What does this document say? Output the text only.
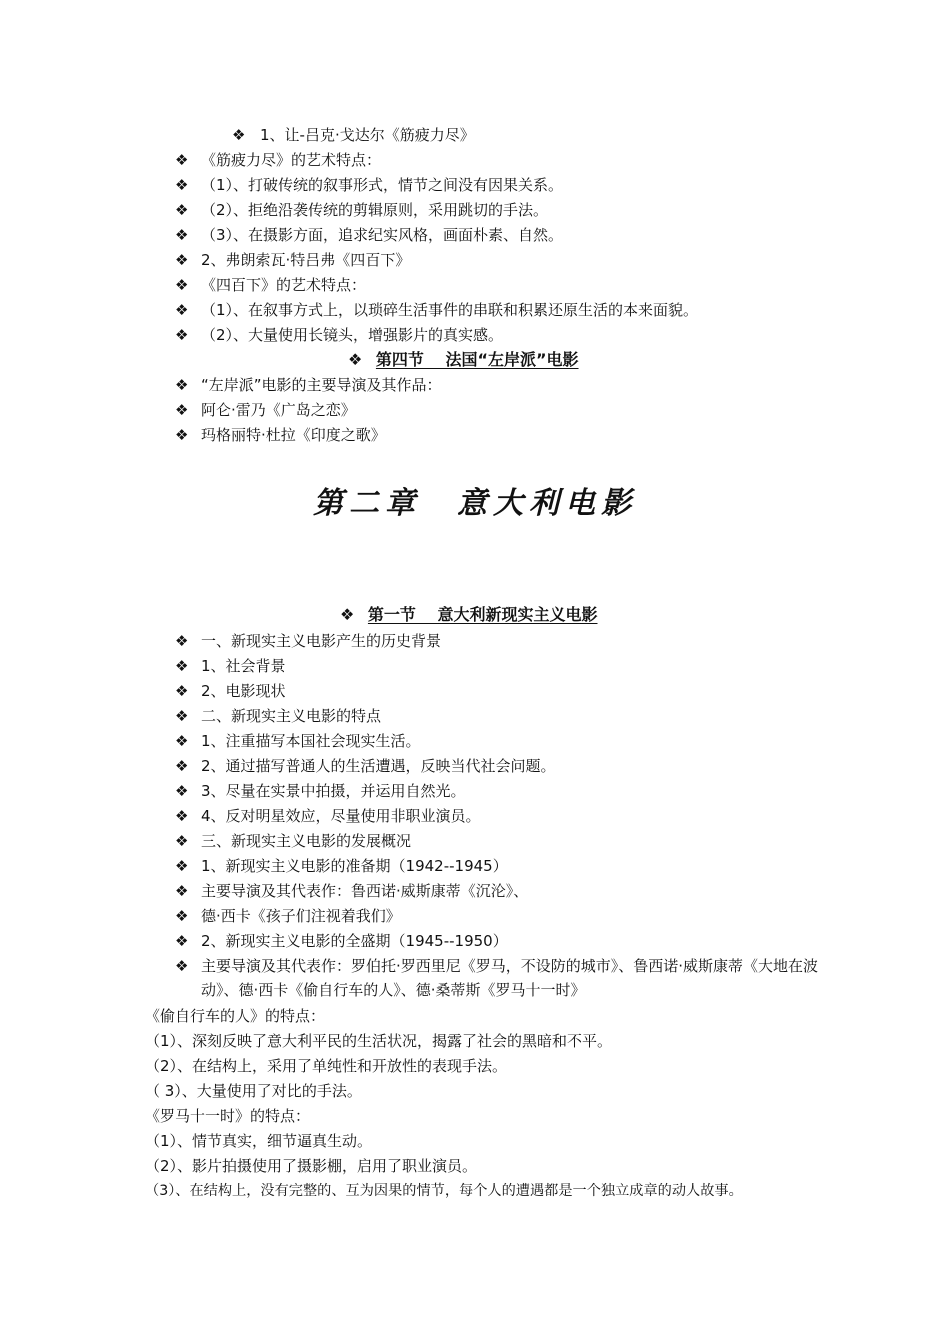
❖ 1、让-吕克·戈达尔《筋疲力尽》
❖ 《筋疲力尽》的艺术特点：
❖ （1）、打破传统的叙事形式，情节之间没有因果关系。
❖ （2）、拒绝沿袭传统的剪辑原则，采用跳切的手法。
❖ （3）、在摄影方面，追求纪实风格，画面朴素、自然。
❖ 2、弗朗索瓦·特吕弗《四百下》
❖ 《四百下》的艺术特点：
❖ （1）、在叙事方式上，以琐碎生活事件的串联和积累还原生活的本来面貌。
❖ （2）、大量使用长镜头，增强影片的真实感。
❖ 第四节 　法国“左岸派”电影
❖ “左岸派”电影的主要导演及其作品：
❖ 阿仑·雷乃《广岛之恋》
❖ 玛格丽特·杜拉《印度之歌》
第二章　意大利电影
❖ 第一节 　意大利新现实主义电影
❖ 一、新现实主义电影产生的历史背景
❖ 1、社会背景
❖ 2、电影现状
❖ 二、新现实主义电影的特点
❖ 1、注重描写本国社会现实生活。
❖ 2、通过描写普通人的生活遭遇，反映当代社会问题。
❖ 3、尽量在实景中拍摄，并运用自然光。
❖ 4、反对明星效应，尽量使用非职业演员。
❖ 三、新现实主义电影的发展概况
❖ 1、新现实主义电影的准备期（1942--1945）
❖ 主要导演及其代表作：鲁西诺·威斯康蒂《沉沦》、
❖ 德·西卡《孩子们注视着我们》
❖ 2、新现实主义电影的全盛期（1945--1950）
❖ 主要导演及其代表作：罗伯托·罗西里尼《罗马，不设防的城市》、鲁西诺·威斯康蒂《大地在波动》、德·西卡《偷自行车的人》、德·桑蒂斯《罗马十一时》
《偷自行车的人》的特点：
（1）、深刻反映了意大利平民的生活状况，揭露了社会的黑暗和不平。
（2）、在结构上，采用了单纯性和开放性的表现手法。
（ 3）、大量使用了对比的手法。
《罗马十一时》的特点：
（1）、情节真实，细节逼真生动。
（2）、影片拍摄使用了摄影棚，启用了职业演员。
（3）、在结构上，没有完整的、互为因果的情节，每个人的遭遇都是一个独立成章的动人故事。
